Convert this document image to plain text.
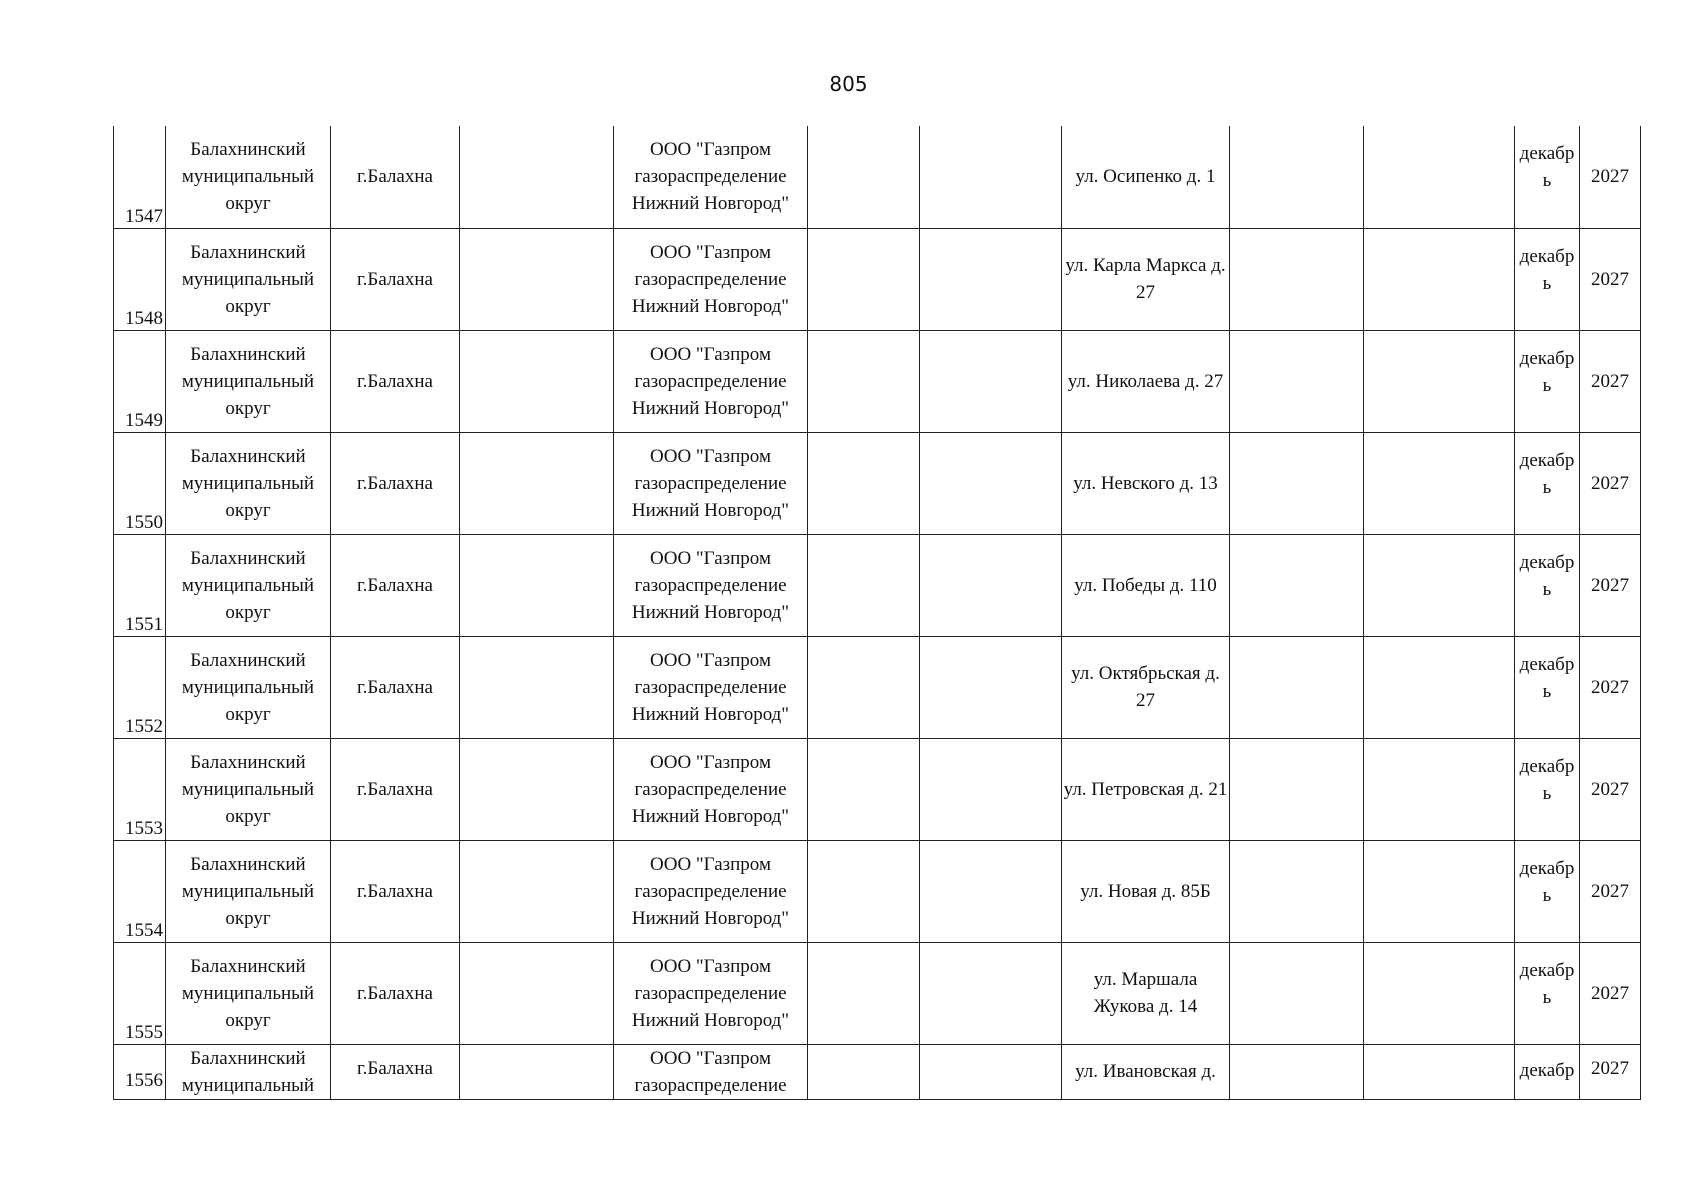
805
1547	Балахнинский муниципальный округ	г.Балахна		ООО "Газпром газораспределение Нижний Новгород"			ул. Осипенко д. 1			декабр ь	2027
1548	Балахнинский муниципальный округ	г.Балахна		ООО "Газпром газораспределение Нижний Новгород"			ул. Карла Маркса д. 27			декабр ь	2027
1549	Балахнинский муниципальный округ	г.Балахна		ООО "Газпром газораспределение Нижний Новгород"			ул. Николаева д. 27			декабр ь	2027
1550	Балахнинский муниципальный округ	г.Балахна		ООО "Газпром газораспределение Нижний Новгород"			ул. Невского д. 13			декабр ь	2027
1551	Балахнинский муниципальный округ	г.Балахна		ООО "Газпром газораспределение Нижний Новгород"			ул. Победы д. 110			декабр ь	2027
1552	Балахнинский муниципальный округ	г.Балахна		ООО "Газпром газораспределение Нижний Новгород"			ул. Октябрьская д. 27			декабр ь	2027
1553	Балахнинский муниципальный округ	г.Балахна		ООО "Газпром газораспределение Нижний Новгород"			ул. Петровская д. 21			декабр ь	2027
1554	Балахнинский муниципальный округ	г.Балахна		ООО "Газпром газораспределение Нижний Новгород"			ул. Новая д. 85Б			декабр ь	2027
1555	Балахнинский муниципальный округ	г.Балахна		ООО "Газпром газораспределение Нижний Новгород"			ул. Маршала Жукова д. 14			декабр ь	2027
1556	Балахнинский муниципальный	г.Балахна		ООО "Газпром газораспределение			ул. Ивановская д.			декабр	2027
